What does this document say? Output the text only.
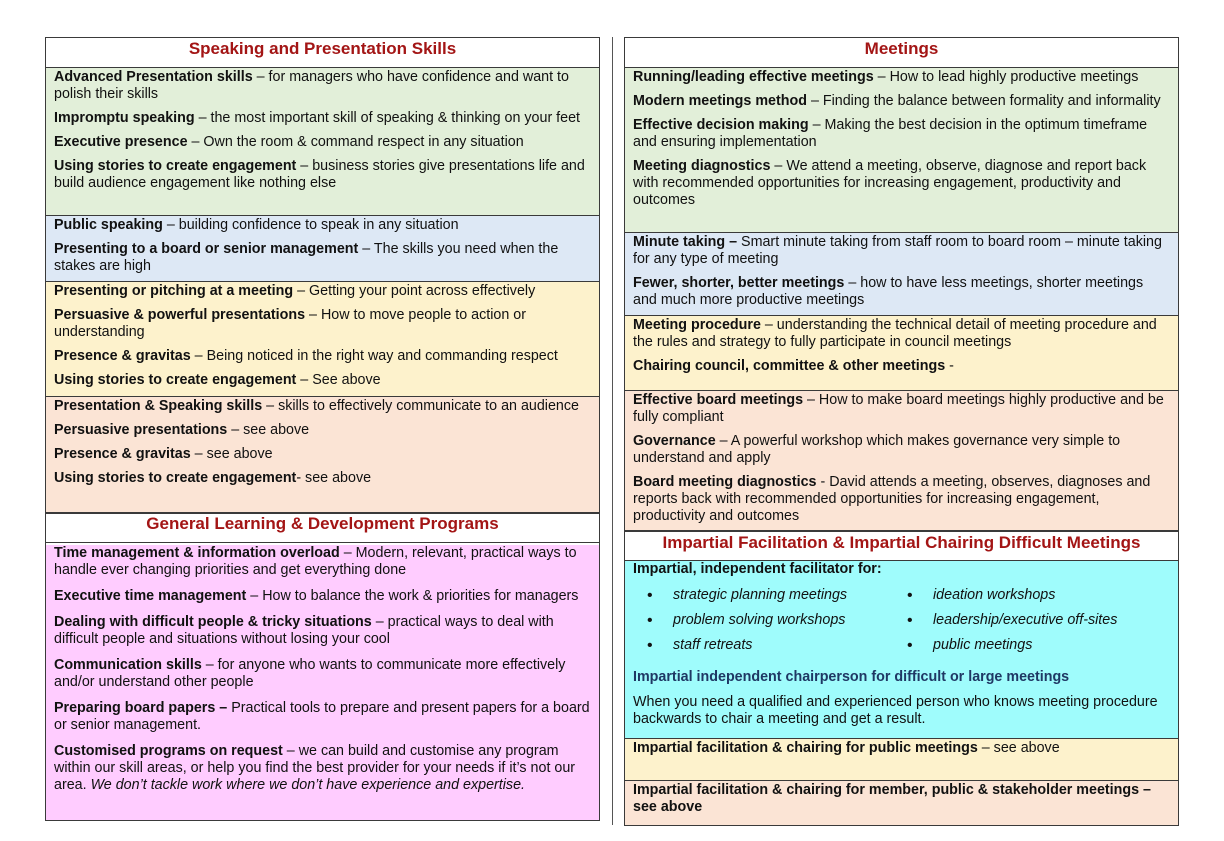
Speaking and Presentation Skills
Advanced Presentation skills – for managers who have confidence and want to polish their skills
Impromptu speaking – the most important skill of speaking & thinking on your feet
Executive presence – Own the room & command respect in any situation
Using stories to create engagement – business stories give presentations life and build audience engagement like nothing else
Public speaking – building confidence to speak in any situation
Presenting to a board or senior management – The skills you need when the stakes are high
Presenting or pitching at a meeting – Getting your point across effectively
Persuasive & powerful presentations – How to move people to action or understanding
Presence & gravitas – Being noticed in the right way and commanding respect
Using stories to create engagement – See above
Presentation & Speaking skills – skills to effectively communicate to an audience
Persuasive presentations – see above
Presence & gravitas – see above
Using stories to create engagement- see above
General Learning & Development Programs
Time management & information overload – Modern, relevant, practical ways to handle ever changing priorities and get everything done
Executive time management – How to balance the work & priorities for managers
Dealing with difficult people & tricky situations – practical ways to deal with difficult people and situations without losing your cool
Communication skills – for anyone who wants to communicate more effectively and/or understand other people
Preparing board papers – Practical tools to prepare and present papers for a board or senior management.
Customised programs on request – we can build and customise any program within our skill areas, or help you find the best provider for your needs if it’s not our area. We don’t tackle work where we don’t have experience and expertise.
Meetings
Running/leading effective meetings – How to lead highly productive meetings
Modern meetings method – Finding the balance between formality and informality
Effective decision making – Making the best decision in the optimum timeframe and ensuring implementation
Meeting diagnostics – We attend a meeting, observe, diagnose and report back with recommended opportunities for increasing engagement, productivity and outcomes
Minute taking – Smart minute taking from staff room to board room – minute taking for any type of meeting
Fewer, shorter, better meetings – how to have less meetings, shorter meetings and much more productive meetings
Meeting procedure – understanding the technical detail of meeting procedure and the rules and strategy to fully participate in council meetings
Chairing council, committee & other meetings -
Effective board meetings – How to make board meetings highly productive and be fully compliant
Governance – A powerful workshop which makes governance very simple to understand and apply
Board meeting diagnostics - David attends a meeting, observes, diagnoses and reports back with recommended opportunities for increasing engagement, productivity and outcomes
Impartial Facilitation & Impartial Chairing Difficult Meetings
Impartial, independent facilitator for:
• strategic planning meetings	• ideation workshops
• problem solving workshops	• leadership/executive off-sites
• staff retreats	• public meetings
Impartial independent chairperson for difficult or large meetings
When you need a qualified and experienced person who knows meeting procedure backwards to chair a meeting and get a result.
Impartial facilitation & chairing for public meetings – see above
Impartial facilitation & chairing for member, public & stakeholder meetings – see above
